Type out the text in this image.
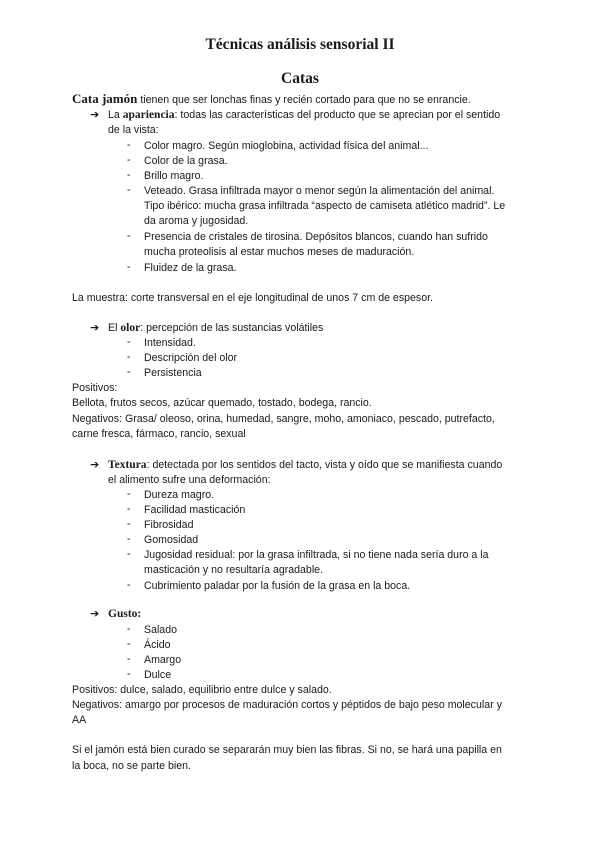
Técnicas análisis sensorial II
Catas
Cata jamón tienen que ser lonchas finas y recién cortado para que no se enrancie.
➔ La apariencia: todas las características del producto que se aprecian por el sentido
de la vista:
- Color magro. Según mioglobina, actividad física del animal...
- Color de la grasa.
- Brillo magro.
- Veteado. Grasa infiltrada mayor o menor según la alimentación del animal.
Tipo ibérico: mucha grasa infiltrada “aspecto de camiseta atlético madrid”. Le
da aroma y jugosidad.
- Presencia de cristales de tirosina. Depósitos blancos, cuando han sufrido
mucha proteolisis al estar muchos meses de maduración.
- Fluidez de la grasa.
La muestra: corte transversal en el eje longitudinal de unos 7 cm de espesor.
➔ El olor: percepción de las sustancias volátiles
- Intensidad.
- Descripción del olor
- Persistencia
Positivos:
Bellota, frutos secos, azúcar quemado, tostado, bodega, rancio.
Negativos: Grasa/ oleoso, orina, humedad, sangre, moho, amoniaco, pescado, putrefacto,
carne fresca, fármaco, rancio, sexual
➔ Textura: detectada por los sentidos del tacto, vista y oído que se manifiesta cuando
el alimento sufre una deformación:
- Dureza magro.
- Facilidad masticación
- Fibrosidad
- Gomosidad
- Jugosidad residual: por la grasa infiltrada, si no tiene nada sería duro a la
masticación y no resultaría agradable.
- Cubrimiento paladar por la fusión de la grasa en la boca.
➔ Gusto:
- Salado
- Ácido
- Amargo
- Dulce
Positivos: dulce, salado, equilibrio entre dulce y salado.
Negativos: amargo por procesos de maduración cortos y péptidos de bajo peso molecular y
AA
Si el jamón está bien curado se separarán muy bien las fibras. Si no, se hará una papilla en
la boca, no se parte bien.
